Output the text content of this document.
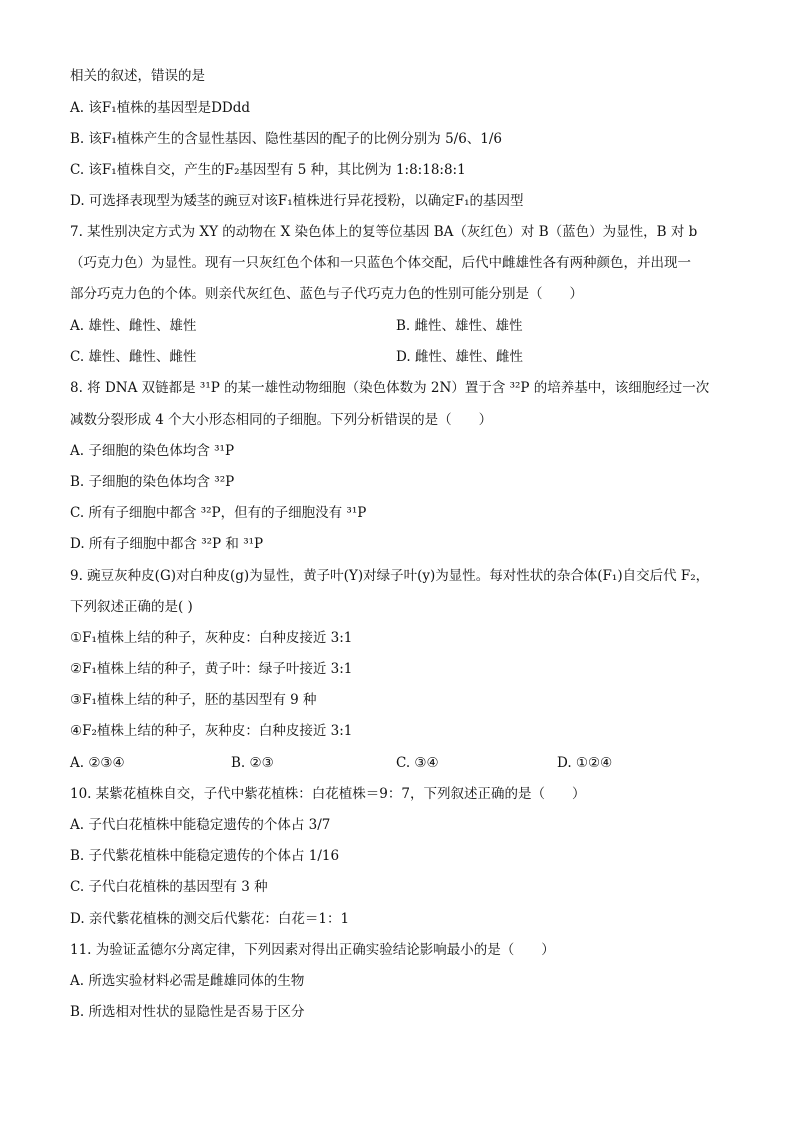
相关的叙述，错误的是
A. 该F₁植株的基因型是DDdd
B. 该F₁植株产生的含显性基因、隐性基因的配子的比例分别为 5/6、1/6
C. 该F₁植株自交，产生的F₂基因型有 5 种，其比例为 1:8:18:8:1
D. 可选择表现型为矮茎的豌豆对该F₁植株进行异花授粉，以确定F₁的基因型
7. 某性别决定方式为 XY 的动物在 X 染色体上的复等位基因 BA（灰红色）对 B（蓝色）为显性，B 对 b
（巧克力色）为显性。现有一只灰红色个体和一只蓝色个体交配，后代中雌雄性各有两种颜色，并出现一
部分巧克力色的个体。则亲代灰红色、蓝色与子代巧克力色的性别可能分别是（　　）
A. 雄性、雌性、雄性	B. 雌性、雄性、雄性
C. 雄性、雌性、雌性	D. 雌性、雄性、雌性
8. 将 DNA 双链都是 ³¹P 的某一雄性动物细胞（染色体数为 2N）置于含 ³²P 的培养基中，该细胞经过一次
减数分裂形成 4 个大小形态相同的子细胞。下列分析错误的是（　　）
A. 子细胞的染色体均含 ³¹P
B. 子细胞的染色体均含 ³²P
C. 所有子细胞中都含 ³²P，但有的子细胞没有 ³¹P
D. 所有子细胞中都含 ³²P 和 ³¹P
9. 豌豆灰种皮(G)对白种皮(g)为显性，黄子叶(Y)对绿子叶(y)为显性。每对性状的杂合体(F₁)自交后代 F₂，
下列叙述正确的是( )
①F₁植株上结的种子，灰种皮：白种皮接近 3:1
②F₁植株上结的种子，黄子叶：绿子叶接近 3:1
③F₁植株上结的种子，胚的基因型有 9 种
④F₂植株上结的种子，灰种皮：白种皮接近 3:1
A. ②③④	B. ②③	C. ③④	D. ①②④
10. 某紫花植株自交，子代中紫花植株：白花植株＝9：7，下列叙述正确的是（　　）
A. 子代白花植株中能稳定遗传的个体占 3/7
B. 子代紫花植株中能稳定遗传的个体占 1/16
C. 子代白花植株的基因型有 3 种
D. 亲代紫花植株的测交后代紫花：白花＝1：1
11. 为验证孟德尔分离定律，下列因素对得出正确实验结论影响最小的是（　　）
A. 所选实验材料必需是雌雄同体的生物
B. 所选相对性状的显隐性是否易于区分
